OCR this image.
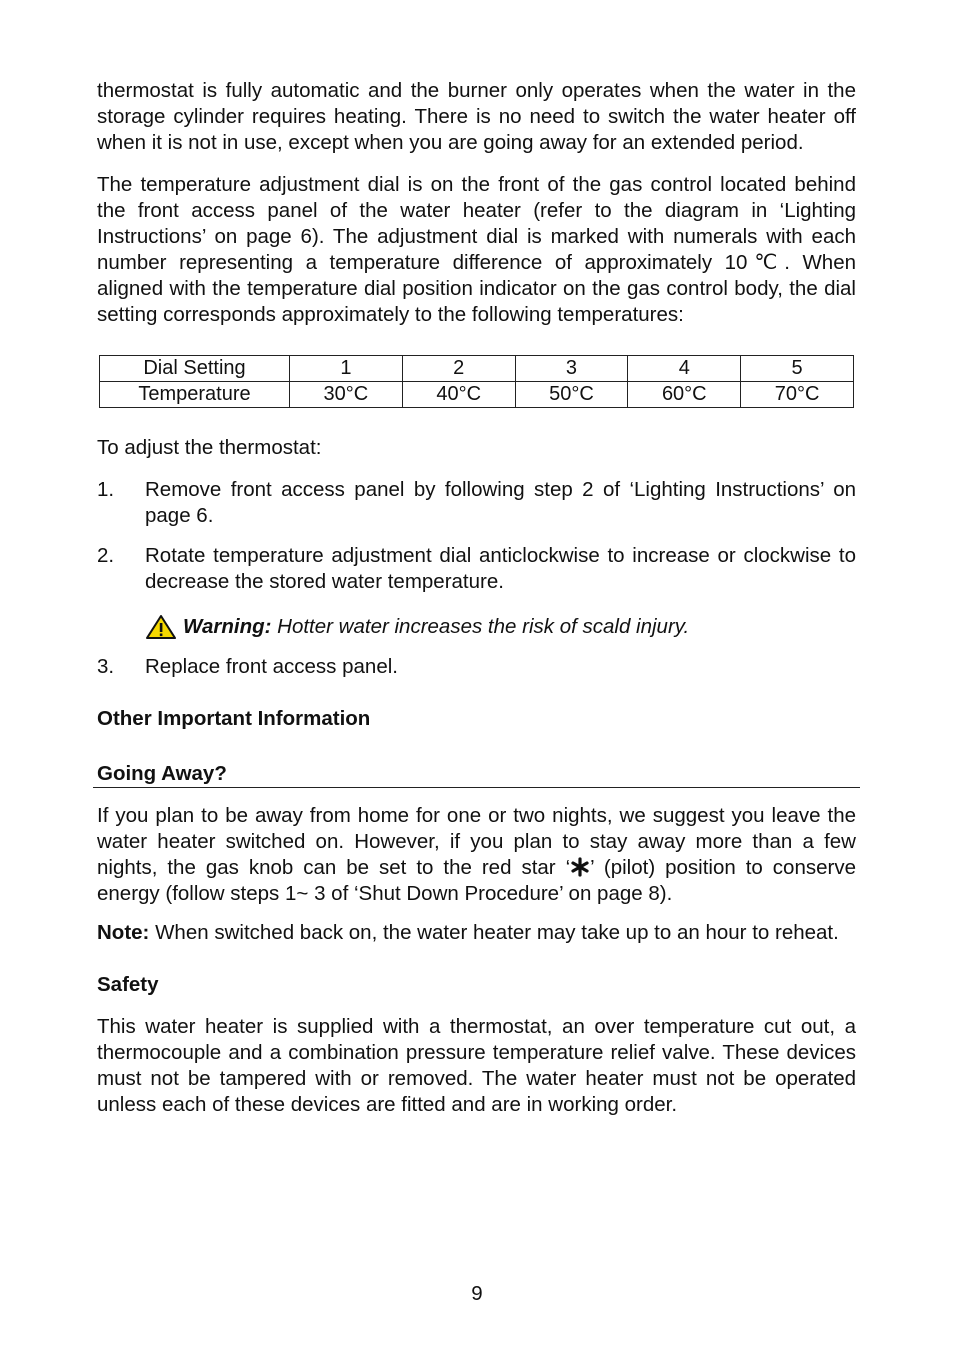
thermostat is fully automatic and the burner only operates when the water in the storage cylinder requires heating. There is no need to switch the water heater off when it is not in use, except when you are going away for an extended period.

The temperature adjustment dial is on the front of the gas control located behind the front access panel of the water heater (refer to the diagram in ‘Lighting Instructions’ on page 6). The adjustment dial is marked with numerals with each number representing a temperature difference of approximately 10℃. When aligned with the temperature dial position indicator on the gas control body, the dial setting corresponds approximately to the following temperatures:

Dial Setting	1	2	3	4	5
Temperature	30°C	40°C	50°C	60°C	70°C

To adjust the thermostat:

1.	Remove front access panel by following step 2 of ‘Lighting Instructions’ on page 6.
2.	Rotate temperature adjustment dial anticlockwise to increase or clockwise to decrease the stored water temperature.
Warning: Hotter water increases the risk of scald injury.
3.	Replace front access panel.
Other Important Information
Going Away?

If you plan to be away from home for one or two nights, we suggest you leave the water heater switched on. However, if you plan to stay away more than a few nights, the gas knob can be set to the red star ‘ ’ (pilot) position to conserve energy (follow steps 1~ 3 of ‘Shut Down Procedure’ on page 8).

Note: When switched back on, the water heater may take up to an hour to reheat.

Safety

This water heater is supplied with a thermostat, an over temperature cut out, a thermocouple and a combination pressure temperature relief valve. These devices must not be tampered with or removed. The water heater must not be operated unless each of these devices are fitted and are in working order.

9
